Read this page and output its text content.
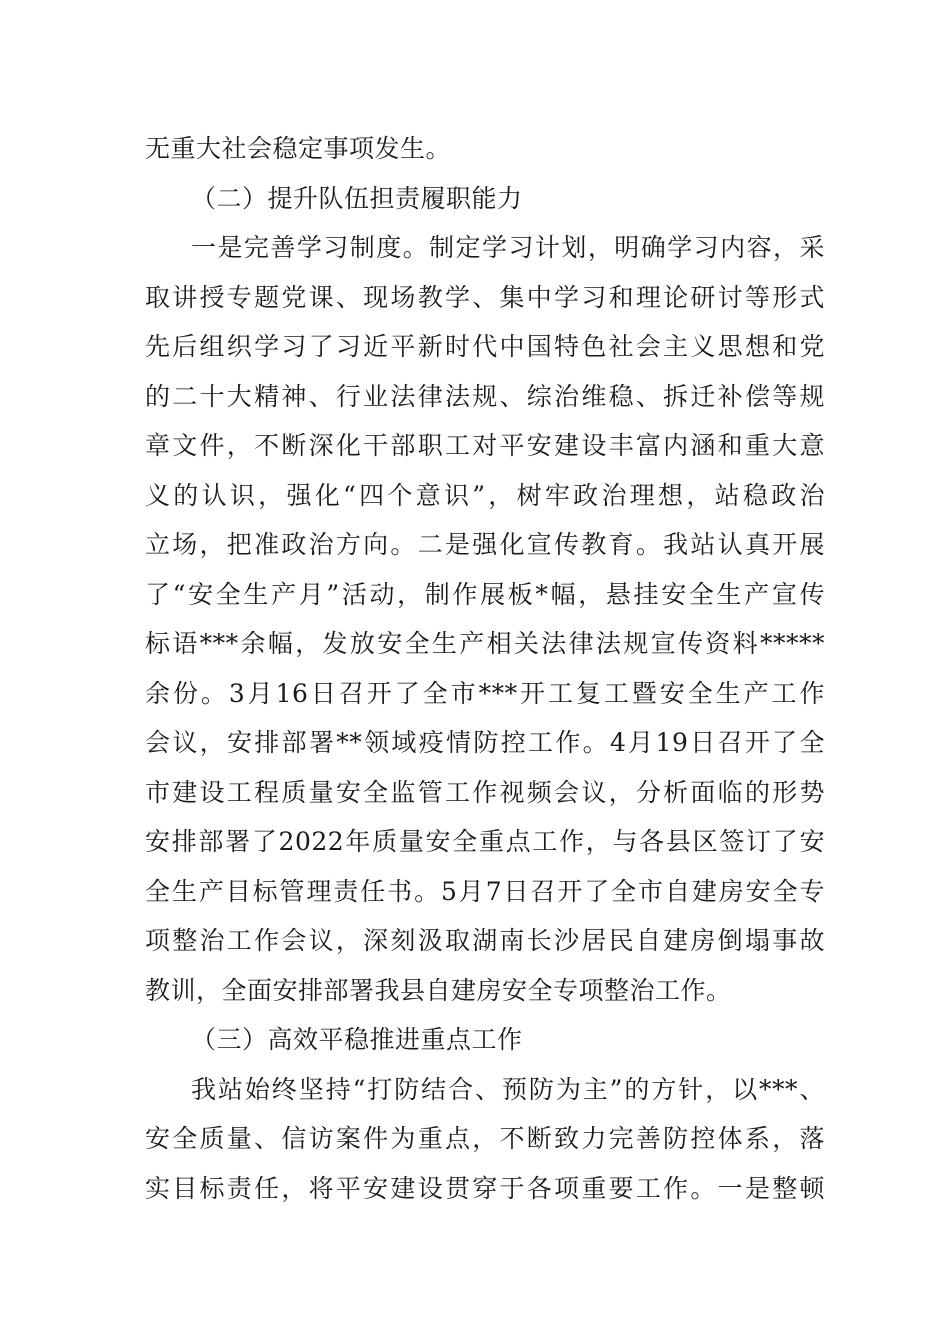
无重大社会稳定事项发生。
（二）提升队伍担责履职能力
一是完善学习制度。制定学习计划，明确学习内容，采
取讲授专题党课、现场教学、集中学习和理论研讨等形式
先后组织学习了习近平新时代中国特色社会主义思想和党
的二十大精神、行业法律法规、综治维稳、拆迁补偿等规
章文件，不断深化干部职工对平安建设丰富内涵和重大意
义的认识，强化“四个意识”，树牢政治理想，站稳政治
立场，把准政治方向。二是强化宣传教育。我站认真开展
了“安全生产月”活动，制作展板*幅，悬挂安全生产宣传
标语***余幅，发放安全生产相关法律法规宣传资料*****
余份。3月16日召开了全市***开工复工暨安全生产工作
会议，安排部署**领域疫情防控工作。4月19日召开了全
市建设工程质量安全监管工作视频会议，分析面临的形势
安排部署了2022年质量安全重点工作，与各县区签订了安
全生产目标管理责任书。5月7日召开了全市自建房安全专
项整治工作会议，深刻汲取湖南长沙居民自建房倒塌事故
教训，全面安排部署我县自建房安全专项整治工作。
（三）高效平稳推进重点工作
我站始终坚持“打防结合、预防为主”的方针，以***、
安全质量、信访案件为重点，不断致力完善防控体系，落
实目标责任，将平安建设贯穿于各项重要工作。一是整顿
